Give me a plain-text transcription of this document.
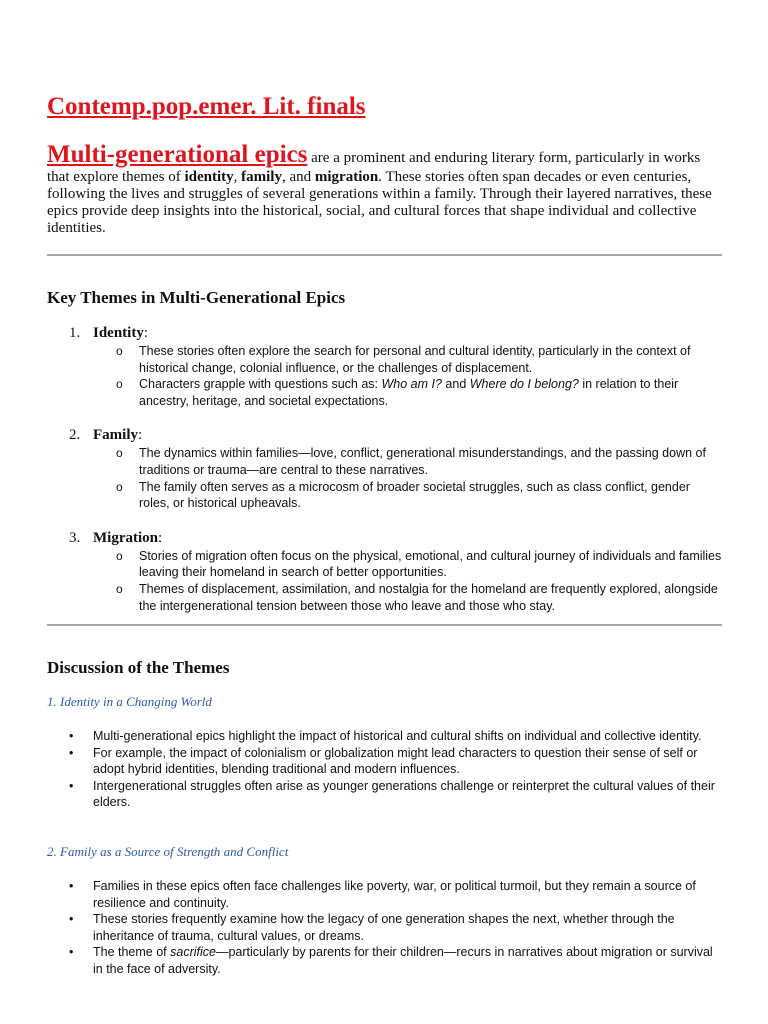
Contemp.pop.emer. Lit. finals

Multi-generational epics are a prominent and enduring literary form, particularly in works that explore themes of identity, family, and migration. These stories often span decades or even centuries, following the lives and struggles of several generations within a family. Through their layered narratives, these epics provide deep insights into the historical, social, and cultural forces that shape individual and collective identities.

Key Themes in Multi-Generational Epics
1. Identity:
o These stories often explore the search for personal and cultural identity, particularly in the context of historical change, colonial influence, or the challenges of displacement.
o Characters grapple with questions such as: Who am I? and Where do I belong? in relation to their ancestry, heritage, and societal expectations.
2. Family:
o The dynamics within families—love, conflict, generational misunderstandings, and the passing down of traditions or trauma—are central to these narratives.
o The family often serves as a microcosm of broader societal struggles, such as class conflict, gender roles, or historical upheavals.
3. Migration:
o Stories of migration often focus on the physical, emotional, and cultural journey of individuals and families leaving their homeland in search of better opportunities.
o Themes of displacement, assimilation, and nostalgia for the homeland are frequently explored, alongside the intergenerational tension between those who leave and those who stay.
Discussion of the Themes
1. Identity in a Changing World
• Multi-generational epics highlight the impact of historical and cultural shifts on individual and collective identity.
• For example, the impact of colonialism or globalization might lead characters to question their sense of self or adopt hybrid identities, blending traditional and modern influences.
• Intergenerational struggles often arise as younger generations challenge or reinterpret the cultural values of their elders.
2. Family as a Source of Strength and Conflict
• Families in these epics often face challenges like poverty, war, or political turmoil, but they remain a source of resilience and continuity.
• These stories frequently examine how the legacy of one generation shapes the next, whether through the inheritance of trauma, cultural values, or dreams.
• The theme of sacrifice—particularly by parents for their children—recurs in narratives about migration or survival in the face of adversity.
